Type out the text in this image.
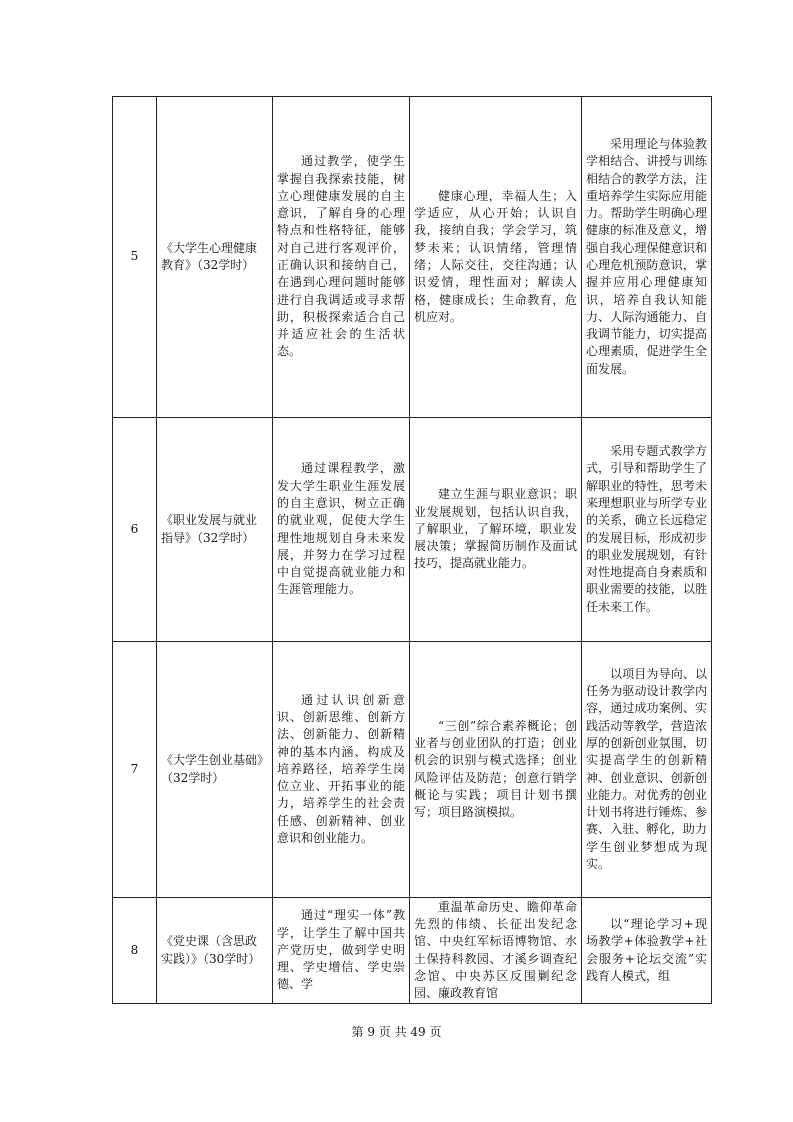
5	《大学生心理健康教育》（32学时）	通过教学，使学生掌握自我探索技能，树立心理健康发展的自主意识，了解自身的心理特点和性格特征，能够对自己进行客观评价，正确认识和接纳自己，在遇到心理问题时能够进行自我调适或寻求帮助，积极探索适合自己并适应社会的生活状态。	健康心理，幸福人生；入学适应，从心开始；认识自我，接纳自我；学会学习，筑梦未来；认识情绪，管理情绪；人际交往，交往沟通；认识爱情，理性面对；解读人格，健康成长；生命教育，危机应对。	采用理论与体验教学相结合、讲授与训练相结合的教学方法，注重培养学生实际应用能力。帮助学生明确心理健康的标准及意义，增强自我心理保健意识和心理危机预防意识，掌握并应用心理健康知识，培养自我认知能力、人际沟通能力、自我调节能力，切实提高心理素质，促进学生全面发展。

6	《职业发展与就业指导》（32学时）	通过课程教学，激发大学生职业生涯发展的自主意识，树立正确的就业观，促使大学生理性地规划自身未来发展，并努力在学习过程中自觉提高就业能力和生涯管理能力。	建立生涯与职业意识；职业发展规划，包括认识自我，了解职业，了解环境，职业发展决策；掌握简历制作及面试技巧，提高就业能力。	采用专题式教学方式，引导和帮助学生了解职业的特性，思考未来理想职业与所学专业的关系，确立长远稳定的发展目标，形成初步的职业发展规划，有针对性地提高自身素质和职业需要的技能，以胜任未来工作。

7	《大学生创业基础》（32学时）	通过认识创新意识、创新思维、创新方法、创新能力、创新精神的基本内涵、构成及培养路径，培养学生岗位立业、开拓事业的能力，培养学生的社会责任感、创新精神、创业意识和创业能力。	“三创”综合素养概论；创业者与创业团队的打造；创业机会的识别与模式选择；创业风险评估及防范；创意行销学概论与实践；项目计划书撰写；项目路演模拟。	以项目为导向、以任务为驱动设计教学内容，通过成功案例、实践活动等教学，营造浓厚的创新创业氛围，切实提高学生的创新精神、创业意识、创新创业能力。对优秀的创业计划书将进行锤炼、参赛、入驻、孵化，助力学生创业梦想成为现实。

8	《党史课（含思政实践）》（30学时）	通过“理实一体”教学，让学生了解中国共产党历史，做到学史明理、学史增信、学史崇德、学	重温革命历史、瞻仰革命先烈的伟绩、长征出发纪念馆、中央红军标语博物馆、水土保持科教园、才溪乡调查纪念馆、中央苏区反围剿纪念园、廉政教育馆	以“理论学习+现场教学+体验教学+社会服务+论坛交流”实践育人模式，组
第 9 页 共 49 页
